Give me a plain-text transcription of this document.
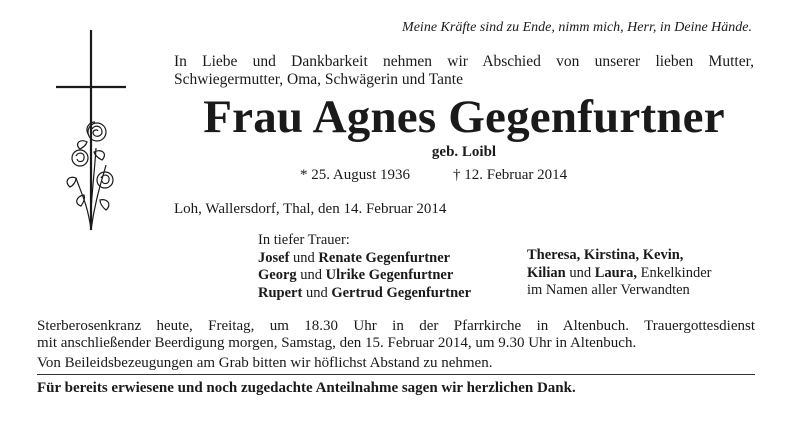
Meine Kräfte sind zu Ende, nimm mich, Herr, in Deine Hände.
In Liebe und Dankbarkeit nehmen wir Abschied von unserer lieben Mutter,
Schwiegermutter, Oma, Schwägerin und Tante
Frau Agnes Gegenfurtner
geb. Loibl
* 25. August 1936	† 12. Februar 2014
Loh, Wallersdorf, Thal, den 14. Februar 2014
In tiefer Trauer:
Josef und Renate Gegenfurtner
Georg und Ulrike Gegenfurtner
Rupert und Gertrud Gegenfurtner
Theresa, Kirstina, Kevin,
Kilian und Laura, Enkelkinder
im Namen aller Verwandten
Sterberosenkranz heute, Freitag, um 18.30 Uhr in der Pfarrkirche in Altenbuch. Trauergottesdienst
mit anschließender Beerdigung morgen, Samstag, den 15. Februar 2014, um 9.30 Uhr in Altenbuch.
Von Beileidsbezeugungen am Grab bitten wir höflichst Abstand zu nehmen.
Für bereits erwiesene und noch zugedachte Anteilnahme sagen wir herzlichen Dank.
